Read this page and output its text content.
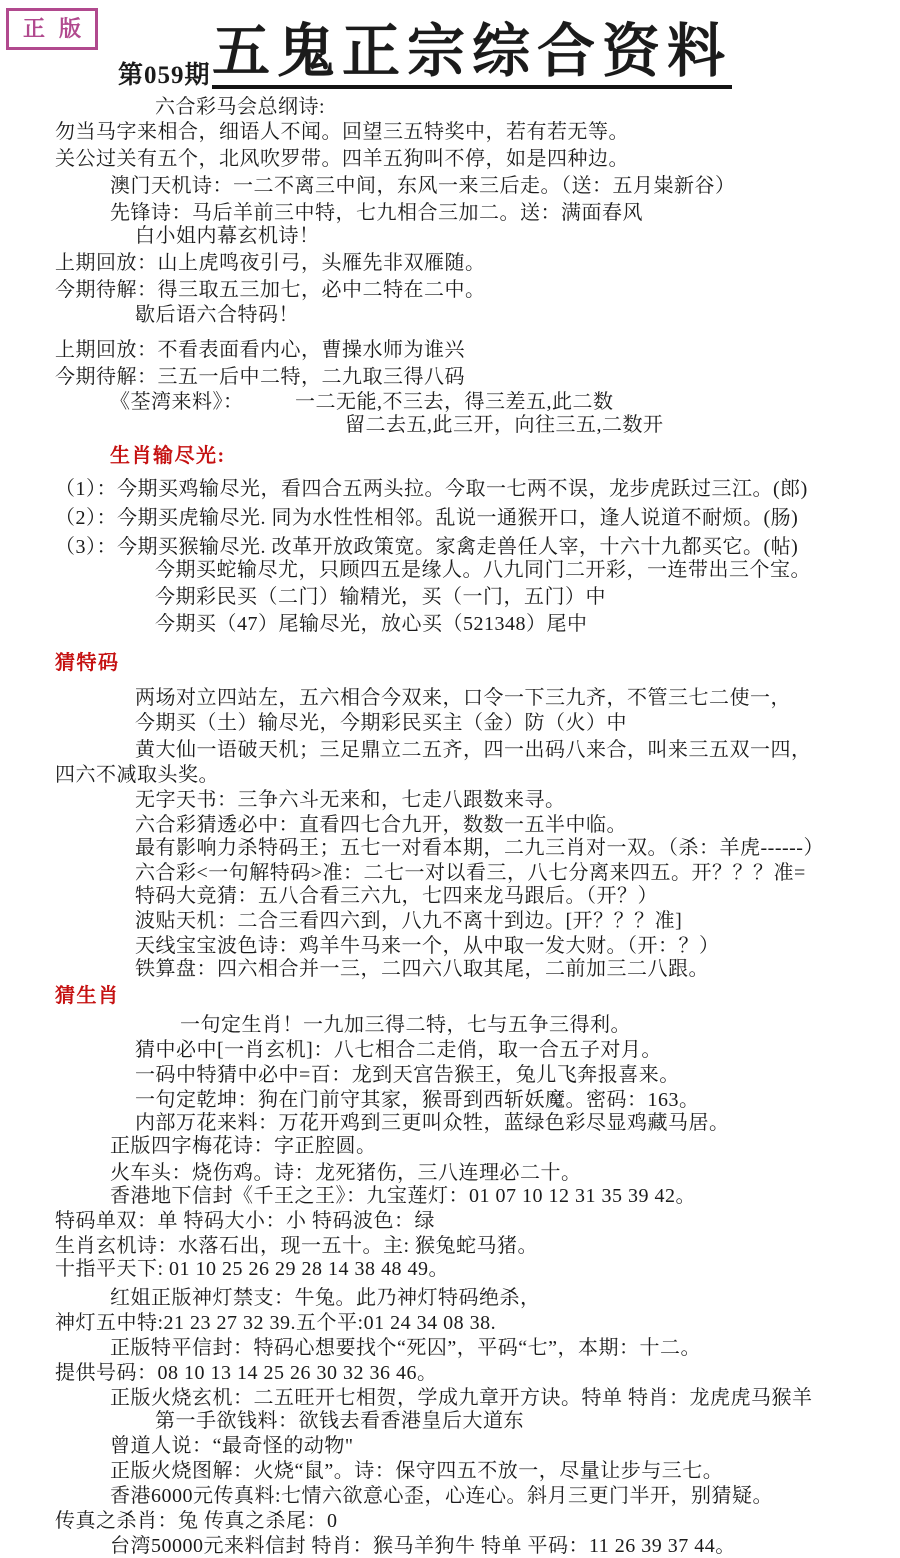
正版
第059期 五鬼正宗综合资料
六合彩马会总纲诗:
勿当马字来相合，细语人不闻。回望三五特奖中，若有若无等。
关公过关有五个，北风吹罗带。四羊五狗叫不停，如是四种边。
澳门天机诗：一二不离三中间，东风一来三后走。（送：五月粜新谷）
先锋诗：马后羊前三中特，七九相合三加二。送：满面春风
白小姐内幕玄机诗！
上期回放：山上虎鸣夜引弓，头雁先非双雁随。
今期待解：得三取五三加七，必中二特在二中。
歇后语六合特码！
上期回放：不看表面看内心，曹操水师为谁兴
今期待解：三五一后中二特，二九取三得八码
《荃湾来料》：　　　一二无能,不三去，得三差五,此二数
留二去五,此三开，向往三五,二数开
生肖输尽光:
（1）：今期买鸡输尽光，看四合五两头拉。今取一七两不误，龙步虎跃过三江。(郎)
（2）：今期买虎输尽光. 同为水性性相邻。乱说一通猴开口，逢人说道不耐烦。(肠)
（3）：今期买猴输尽光. 改革开放政策宽。家禽走兽任人宰，十六十九都买它。(帖)
今期买蛇输尽尤，只顾四五是缘人。八九同门二开彩，一连带出三个宝。
今期彩民买（二门）输精光，买（一门，五门）中
今期买（47）尾输尽光，放心买（521348）尾中
猜特码
两场对立四站左，五六相合今双来，口令一下三九齐，不管三七二使一，
今期买（土）输尽光，今期彩民买主（金）防（火）中
黄大仙一语破天机；三足鼎立二五齐，四一出码八来合，叫来三五双一四，
四六不减取头奖。
无字天书：三争六斗无来和，七走八跟数来寻。
六合彩猜透必中：直看四七合九开，数数一五半中临。
最有影响力杀特码王；五七一对看本期，二九三肖对一双。（杀：羊虎------）
六合彩<一句解特码>准：二七一对以看三，八七分离来四五。开？？？准=
特码大竞猜：五八合看三六九，七四来龙马跟后。（开？）
波贴天机：二合三看四六到，八九不离十到边。[开？？？准]
天线宝宝波色诗：鸡羊牛马来一个，从中取一发大财。（开：？）
铁算盘：四六相合并一三，二四六八取其尾，二前加三二八跟。
猜生肖
一句定生肖！一九加三得二特，七与五争三得利。
猜中必中[一肖玄机]：八七相合二走俏，取一合五子对月。
一码中特猜中必中=百：龙到天宫告猴王，兔儿飞奔报喜来。
一句定乾坤：狗在门前守其家，猴哥到西斩妖魔。密码：163。
内部万花来料：万花开鸡到三更叫众牲，蓝绿色彩尽显鸡藏马居。
正版四字梅花诗：字正腔圆。
火车头：烧伤鸡。诗：龙死猪伤，三八连理必二十。
香港地下信封《千王之王》：九宝莲灯：01 07 10 12 31 35 39 42。
特码单双：单 特码大小：小 特码波色：绿
生肖玄机诗：水落石出，现一五十。主: 猴兔蛇马猪。
十指平天下: 01 10 25 26 29 28 14 38 48 49。
红姐正版神灯禁支：牛兔。此乃神灯特码绝杀，
神灯五中特:21 23 27 32 39.五个平:01 24 34 08 38.
正版特平信封：特码心想要找个“死囚”，平码“七”，本期：十二。
提供号码：08 10 13 14 25 26 30 32 36 46。
正版火烧玄机：二五旺开七相贺，学成九章开方诀。特单 特肖：龙虎虎马猴羊
第一手欲钱料：欲钱去看香港皇后大道东
曾道人说：“最奇怪的动物"
正版火烧图解：火烧“鼠”。诗：保守四五不放一，尽量让步与三七。
香港6000元传真料:七情六欲意心歪，心连心。斜月三更门半开，别猜疑。
传真之杀肖：兔 传真之杀尾：0
台湾50000元来料信封 特肖：猴马羊狗牛 特单 平码：11 26 39 37 44。
